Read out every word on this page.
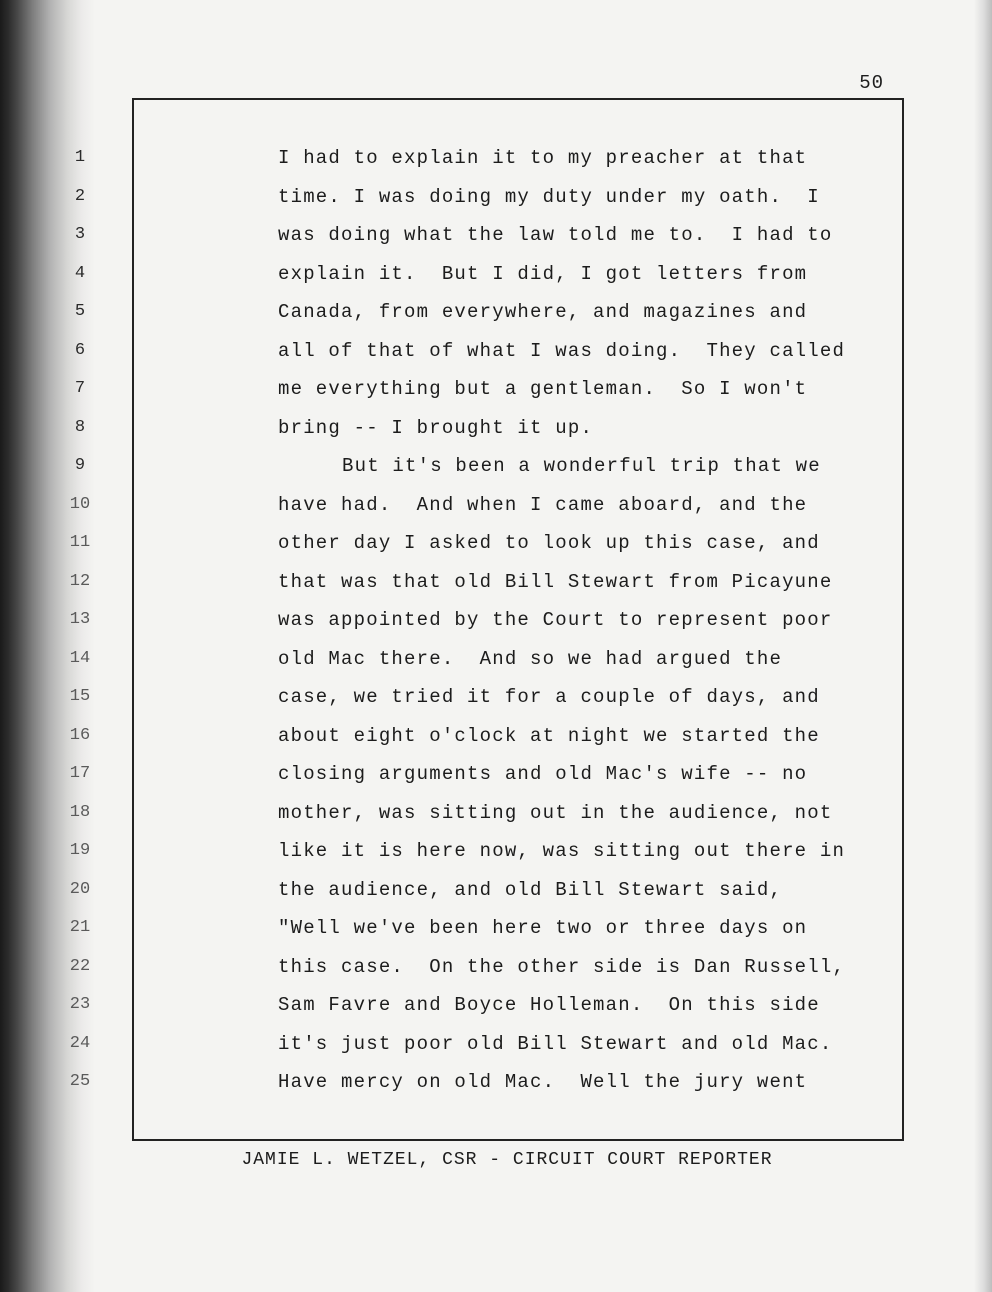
50
1
2
3
4
5
6
7
8
9
10
11
12
13
14
15
16
17
18
19
20
21
22
23
24
25
I had to explain it to my preacher at that
time. I was doing my duty under my oath.  I
was doing what the law told me to.  I had to
explain it.  But I did, I got letters from
Canada, from everywhere, and magazines and
all of that of what I was doing.  They called
me everything but a gentleman.  So I won't
bring -- I brought it up.
But it's been a wonderful trip that we
have had.  And when I came aboard, and the
other day I asked to look up this case, and
that was that old Bill Stewart from Picayune
was appointed by the Court to represent poor
old Mac there.  And so we had argued the
case, we tried it for a couple of days, and
about eight o'clock at night we started the
closing arguments and old Mac's wife -- no
mother, was sitting out in the audience, not
like it is here now, was sitting out there in
the audience, and old Bill Stewart said,
"Well we've been here two or three days on
this case.  On the other side is Dan Russell,
Sam Favre and Boyce Holleman.  On this side
it's just poor old Bill Stewart and old Mac.
Have mercy on old Mac.  Well the jury went
JAMIE L. WETZEL, CSR - CIRCUIT COURT REPORTER
